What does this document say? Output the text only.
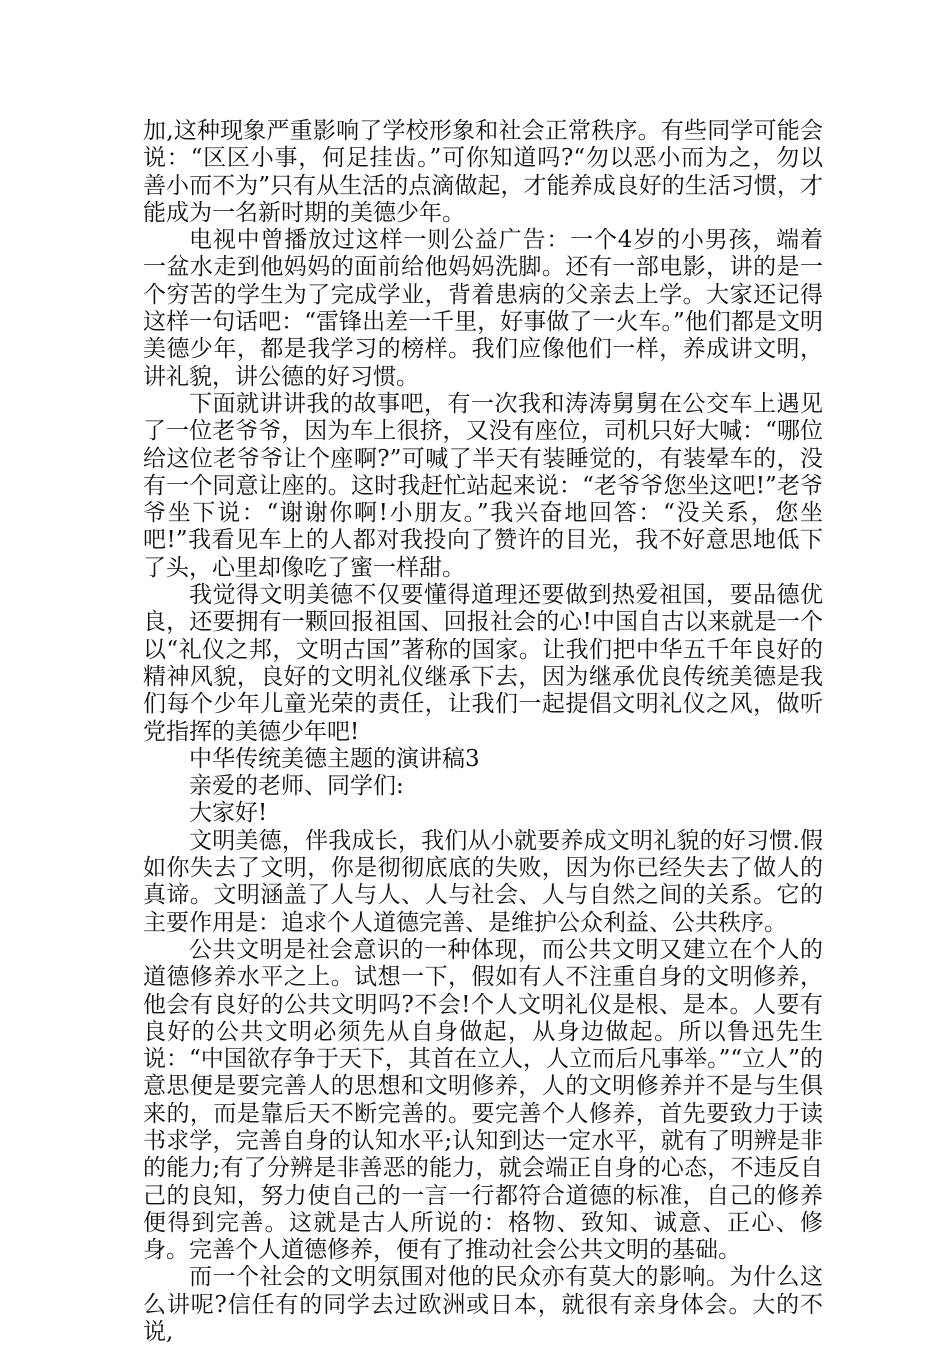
加,这种现象严重影响了学校形象和社会正常秩序。有些同学可能会说：“区区小事，何足挂齿。”可你知道吗?“勿以恶小而为之，勿以善小而不为”只有从生活的点滴做起，才能养成良好的生活习惯，才能成为一名新时期的美德少年。

电视中曾播放过这样一则公益广告：一个4岁的小男孩，端着一盆水走到他妈妈的面前给他妈妈洗脚。还有一部电影，讲的是一个穷苦的学生为了完成学业，背着患病的父亲去上学。大家还记得这样一句话吧：“雷锋出差一千里，好事做了一火车。”他们都是文明美德少年，都是我学习的榜样。我们应像他们一样，养成讲文明，讲礼貌，讲公德的好习惯。

下面就讲讲我的故事吧，有一次我和涛涛舅舅在公交车上遇见了一位老爷爷，因为车上很挤，又没有座位，司机只好大喊：“哪位给这位老爷爷让个座啊?”可喊了半天有装睡觉的，有装晕车的，没有一个同意让座的。这时我赶忙站起来说：“老爷爷您坐这吧!”老爷爷坐下说：“谢谢你啊!小朋友。”我兴奋地回答：“没关系，您坐吧!”我看见车上的人都对我投向了赞许的目光，我不好意思地低下了头，心里却像吃了蜜一样甜。

我觉得文明美德不仅要懂得道理还要做到热爱祖国，要品德优良，还要拥有一颗回报祖国、回报社会的心!中国自古以来就是一个以“礼仪之邦，文明古国”著称的国家。让我们把中华五千年良好的精神风貌，良好的文明礼仪继承下去，因为继承优良传统美德是我们每个少年儿童光荣的责任，让我们一起提倡文明礼仪之风，做听党指挥的美德少年吧!

中华传统美德主题的演讲稿3

亲爱的老师、同学们:

大家好!

文明美德，伴我成长，我们从小就要养成文明礼貌的好习惯.假如你失去了文明，你是彻彻底底的失败，因为你已经失去了做人的真谛。文明涵盖了人与人、人与社会、人与自然之间的关系。它的主要作用是：追求个人道德完善、是维护公众利益、公共秩序。

公共文明是社会意识的一种体现，而公共文明又建立在个人的道德修养水平之上。试想一下，假如有人不注重自身的文明修养，他会有良好的公共文明吗?不会!个人文明礼仪是根、是本。人要有良好的公共文明必须先从自身做起，从身边做起。所以鲁迅先生说：“中国欲存争于天下，其首在立人，人立而后凡事举。”“立人”的意思便是要完善人的思想和文明修养，人的文明修养并不是与生俱来的，而是靠后天不断完善的。要完善个人修养，首先要致力于读书求学，完善自身的认知水平;认知到达一定水平，就有了明辨是非的能力;有了分辨是非善恶的能力，就会端正自身的心态，不违反自己的良知，努力使自己的一言一行都符合道德的标准，自己的修养便得到完善。这就是古人所说的：格物、致知、诚意、正心、修身。完善个人道德修养，便有了推动社会公共文明的基础。

而一个社会的文明氛围对他的民众亦有莫大的影响。为什么这么讲呢?信任有的同学去过欧洲或日本，就很有亲身体会。大的不说,
